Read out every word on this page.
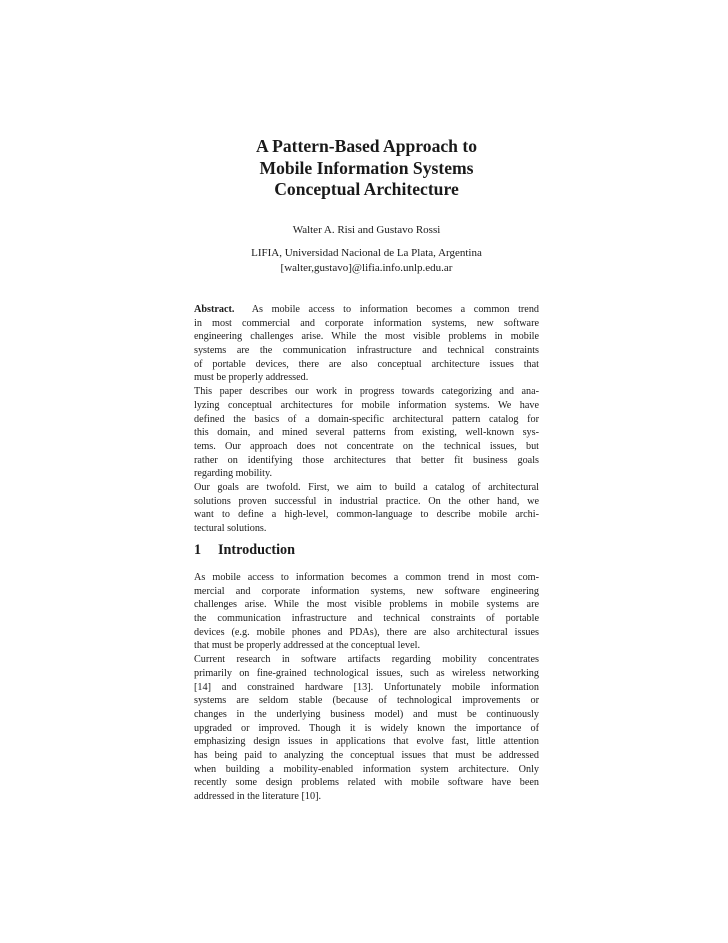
A Pattern-Based Approach to
Mobile Information Systems
Conceptual Architecture
Walter A. Risi and Gustavo Rossi
LIFIA, Universidad Nacional de La Plata, Argentina
[walter,gustavo]@lifia.info.unlp.edu.ar
Abstract. As mobile access to information becomes a common trend
in most commercial and corporate information systems, new software
engineering challenges arise. While the most visible problems in mobile
systems are the communication infrastructure and technical constraints
of portable devices, there are also conceptual architecture issues that
must be properly addressed.
This paper describes our work in progress towards categorizing and ana-
lyzing conceptual architectures for mobile information systems. We have
defined the basics of a domain-specific architectural pattern catalog for
this domain, and mined several patterns from existing, well-known sys-
tems. Our approach does not concentrate on the technical issues, but
rather on identifying those architectures that better fit business goals
regarding mobility.
Our goals are twofold. First, we aim to build a catalog of architectural
solutions proven successful in industrial practice. On the other hand, we
want to define a high-level, common-language to describe mobile archi-
tectural solutions.
1 Introduction
As mobile access to information becomes a common trend in most com-
mercial and corporate information systems, new software engineering
challenges arise. While the most visible problems in mobile systems are
the communication infrastructure and technical constraints of portable
devices (e.g. mobile phones and PDAs), there are also architectural issues
that must be properly addressed at the conceptual level.
Current research in software artifacts regarding mobility concentrates
primarily on fine-grained technological issues, such as wireless networking
[14] and constrained hardware [13]. Unfortunately mobile information
systems are seldom stable (because of technological improvements or
changes in the underlying business model) and must be continuously
upgraded or improved. Though it is widely known the importance of
emphasizing design issues in applications that evolve fast, little attention
has being paid to analyzing the conceptual issues that must be addressed
when building a mobility-enabled information system architecture. Only
recently some design problems related with mobile software have been
addressed in the literature [10].
